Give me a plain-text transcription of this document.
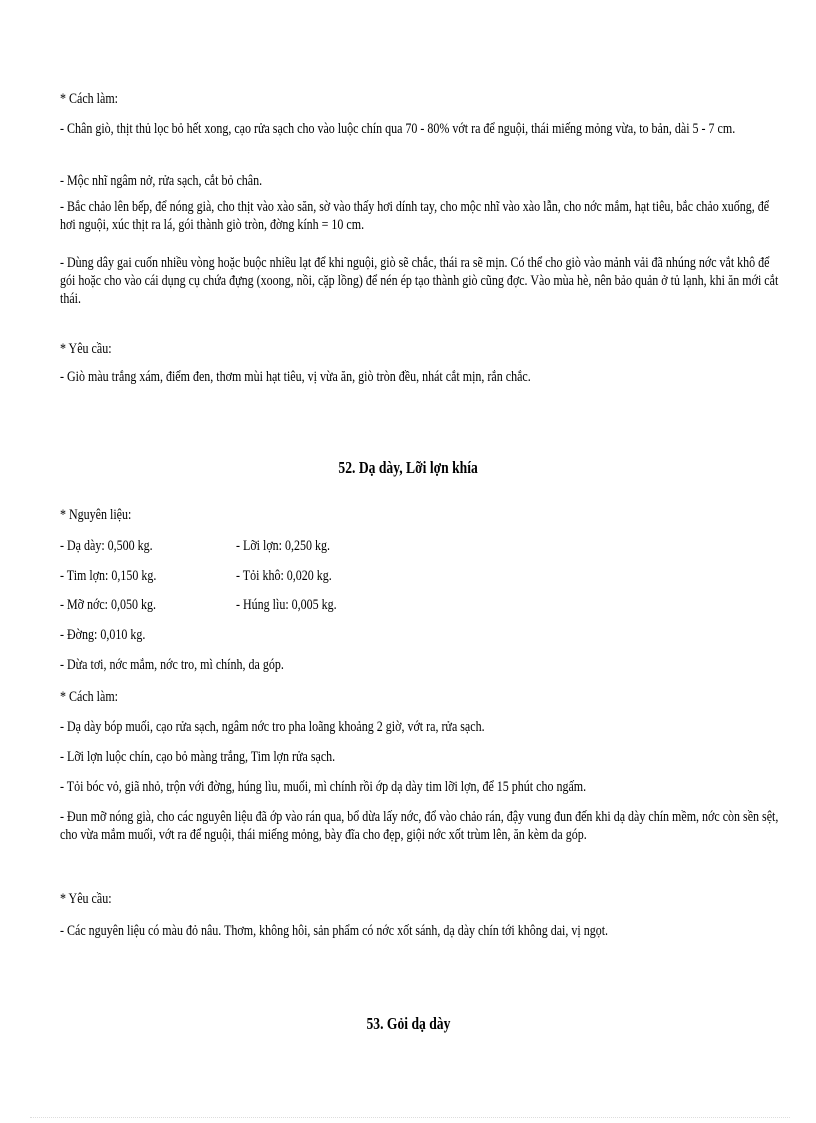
* Cách làm:
- Chân giò, thịt thủ lọc bỏ hết xong, cạo rửa sạch cho vào luộc chín qua 70 - 80% vớt ra để nguội, thái miếng mỏng vừa, to bản, dài 5 - 7 cm.
- Mộc nhĩ ngâm nở, rửa sạch, cắt bỏ chân.
- Bắc chảo lên bếp, để nóng già, cho thịt vào xào săn, sờ vào thấy hơi dính tay, cho mộc nhĩ vào xào lẫn, cho nớc mắm, hạt tiêu, bắc chảo xuống, để hơi nguội, xúc thịt ra lá, gói thành giò tròn, đờng kính = 10 cm.
- Dùng dây gai cuốn nhiều vòng hoặc buộc nhiều lạt để khi nguội, giò sẽ chắc, thái ra sẽ mịn. Có thể cho giò vào mảnh vải đã nhúng nớc vắt khô để gói hoặc cho vào cái dụng cụ chứa đựng (xoong, nồi, cặp lồng) để nén ép tạo thành giò cũng đợc. Vào mùa hè, nên bảo quản ở tủ lạnh, khi ăn mới cắt thái.
* Yêu cầu:
- Giò màu trắng xám, điểm đen, thơm mùi hạt tiêu, vị vừa ăn, giò tròn đều, nhát cắt mịn, rắn chắc.
52. Dạ dày, Lỡi lợn khía
* Nguyên liệu:
- Dạ dày: 0,500 kg.	- Lỡi lợn: 0,250 kg.
- Tim lợn: 0,150 kg.	- Tỏi khô: 0,020 kg.
- Mỡ nớc: 0,050 kg.	- Húng lìu: 0,005 kg.
- Đờng: 0,010 kg.
- Dừa tơi, nớc mắm, nớc tro, mì chính, da góp.
* Cách làm:
- Dạ dày bóp muối, cạo rửa sạch, ngâm nớc tro pha loãng khoảng 2 giờ, vớt ra, rửa sạch.
- Lỡi lợn luộc chín, cạo bỏ màng trắng, Tim lợn rửa sạch.
- Tỏi bóc vỏ, giã nhỏ, trộn với đờng, húng lìu, muối, mì chính rồi ớp dạ dày tim lỡi lợn, để 15 phút cho ngấm.
- Đun mỡ nóng già, cho các nguyên liệu đã ớp vào rán qua, bổ dừa lấy nớc, đổ vào chảo rán, đậy vung đun đến khi dạ dày chín mềm, nớc còn sền sệt, cho vừa mắm muối, vớt ra để nguội, thái miếng mỏng, bày đĩa cho đẹp, giội nớc xốt trùm lên, ăn kèm da góp.
* Yêu cầu:
- Các nguyên liệu có màu đỏ nâu. Thơm, không hôi, sản phẩm có nớc xốt sánh, dạ dày chín tới không dai, vị ngọt.
53. Gỏi dạ dày
